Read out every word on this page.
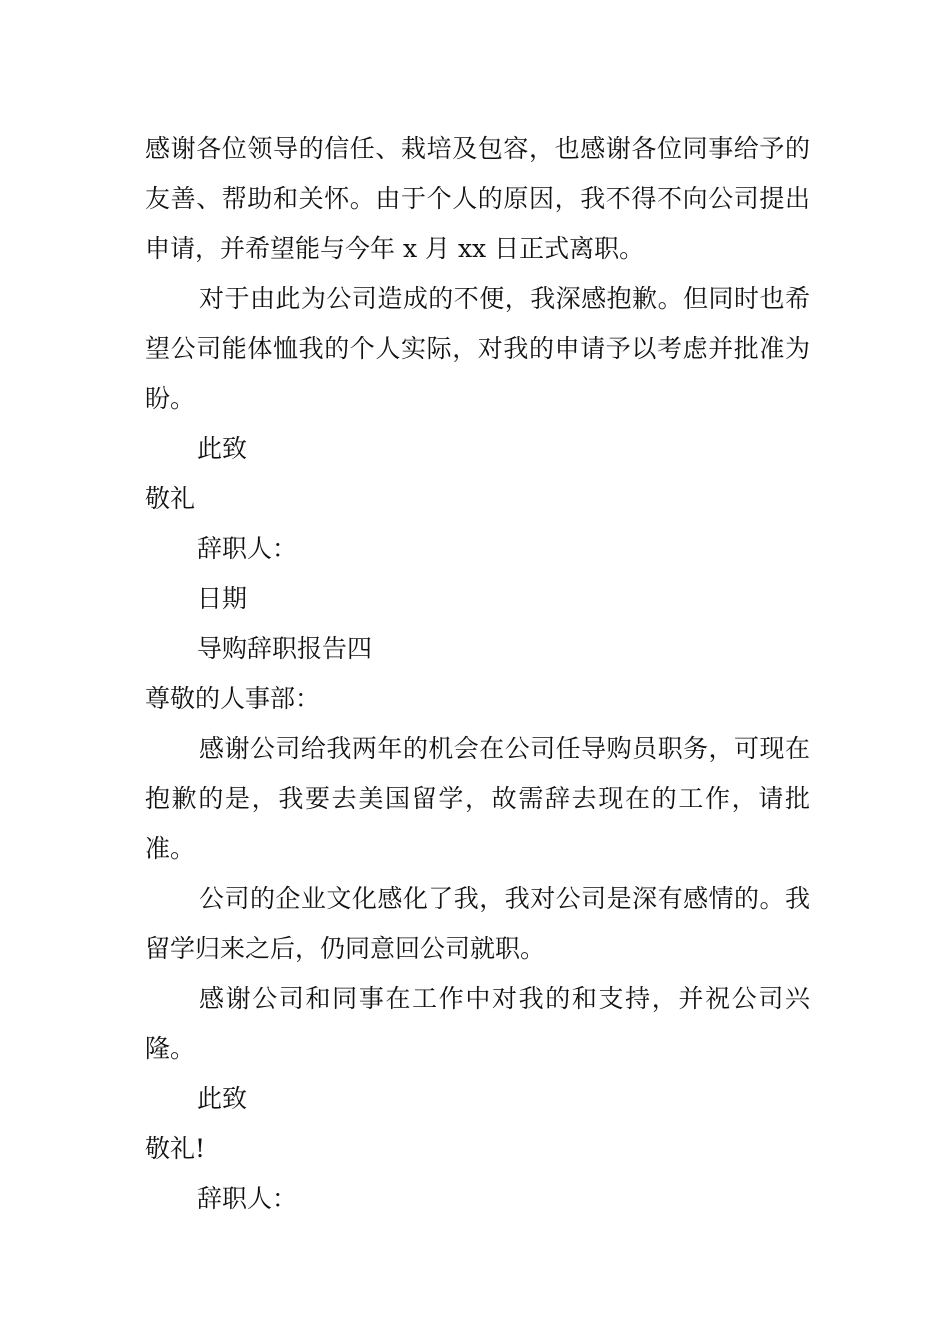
感谢各位领导的信任、栽培及包容，也感谢各位同事给予的友善、帮助和关怀。由于个人的原因，我不得不向公司提出申请，并希望能与今年 x 月 xx 日正式离职。

对于由此为公司造成的不便，我深感抱歉。但同时也希望公司能体恤我的个人实际，对我的申请予以考虑并批准为盼。

此致

敬礼

辞职人：

日期

导购辞职报告四

尊敬的人事部：

感谢公司给我两年的机会在公司任导购员职务，可现在抱歉的是，我要去美国留学，故需辞去现在的工作，请批准。

公司的企业文化感化了我，我对公司是深有感情的。我留学归来之后，仍同意回公司就职。

感谢公司和同事在工作中对我的和支持，并祝公司兴隆。

此致

敬礼!

辞职人：
